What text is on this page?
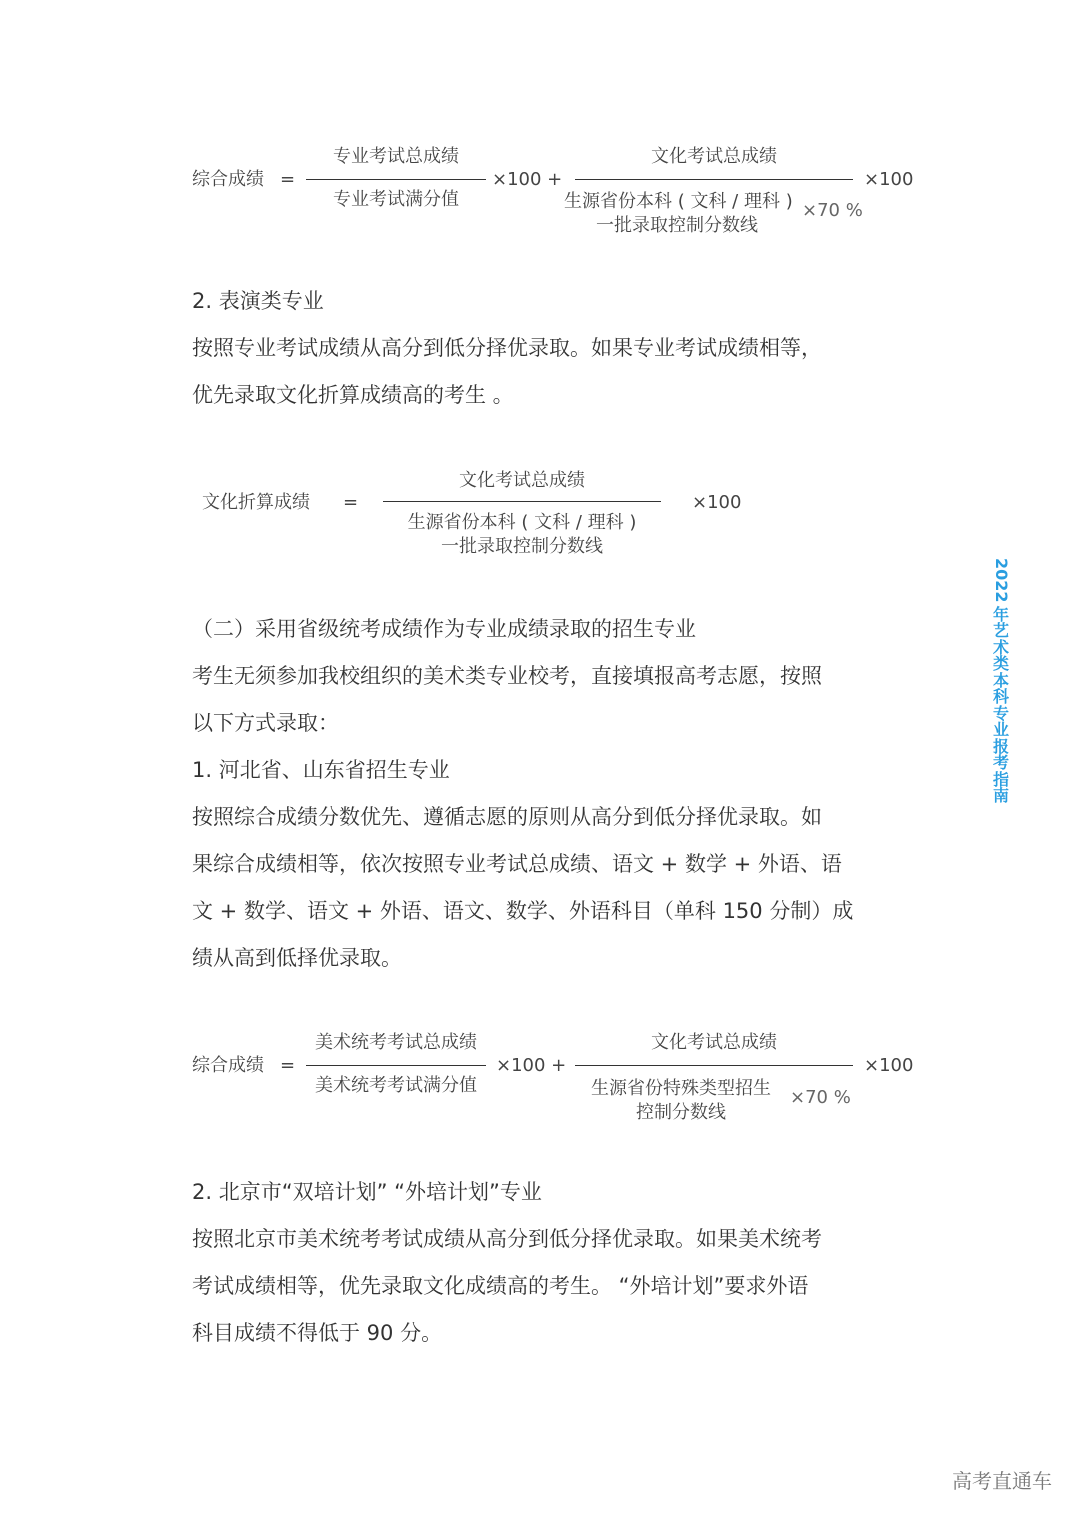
综合成绩 =
专业考试总成绩
专业考试满分值
×100 +
文化考试总成绩
生源省份本科 ( 文科 / 理科 ) ×70 %
一批录取控制分数线
×100
2. 表演类专业
按照专业考试成绩从高分到低分择优录取。如果专业考试成绩相等，
优先录取文化折算成绩高的考生 。
文化折算成绩 =
文化考试总成绩
生源省份本科 ( 文科 / 理科 )
一批录取控制分数线
×100
（二）采用省级统考成绩作为专业成绩录取的招生专业
考生无须参加我校组织的美术类专业校考，直接填报高考志愿，按照
以下方式录取：
1. 河北省、山东省招生专业
按照综合成绩分数优先、遵循志愿的原则从高分到低分择优录取。如
果综合成绩相等，依次按照专业考试总成绩、语文 + 数学 + 外语、语
文 + 数学、语文 + 外语、语文、数学、外语科目（单科 150 分制）成
绩从高到低择优录取。
综合成绩 =
美术统考考试总成绩
美术统考考试满分值
×100 +
文化考试总成绩
生源省份特殊类型招生	×70 %
控制分数线
×100
2. 北京市“双培计划” “外培计划”专业
按照北京市美术统考考试成绩从高分到低分择优录取。如果美术统考
考试成绩相等，优先录取文化成绩高的考生。 “外培计划”要求外语
科目成绩不得低于 90 分。
2022
年艺术类本科专业报考指南
高考直通车
